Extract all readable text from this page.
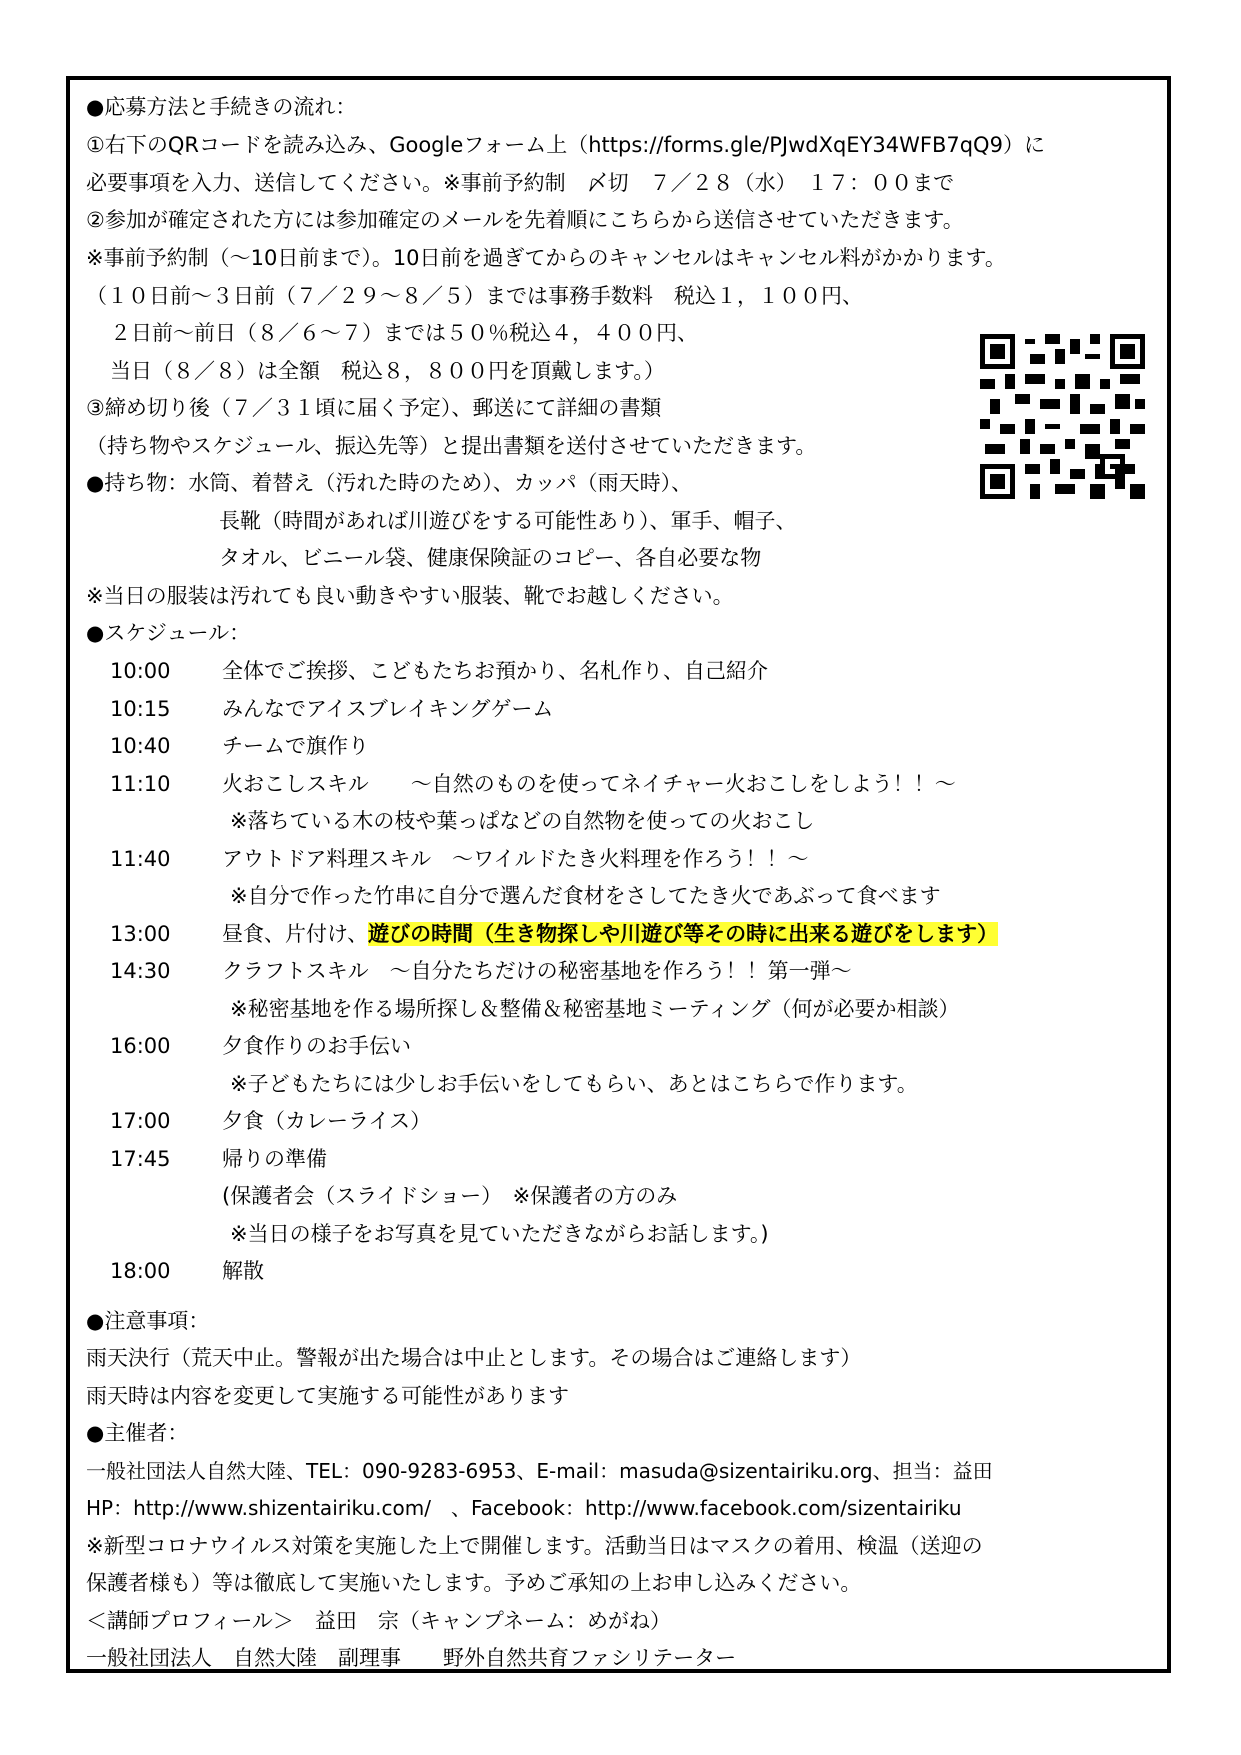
●応募方法と手続きの流れ：
①右下のQRコードを読み込み、Googleフォーム上（https://forms.gle/PJwdXqEY34WFB7qQ9）に
必要事項を入力、送信してください。※事前予約制　〆切　７／２８（水）　１７：００まで
②参加が確定された方には参加確定のメールを先着順にこちらから送信させていただきます。
※事前予約制（～10日前まで）。10日前を過ぎてからのキャンセルはキャンセル料がかかります。
（１０日前～３日前（７／２９～８／５）までは事務手数料　税込１，１００円、
２日前～前日（８／６～７）までは５０％税込４，４００円、
当日（８／８）は全額　税込８，８００円を頂戴します。）
③締め切り後（７／３１頃に届く予定）、郵送にて詳細の書類
（持ち物やスケジュール、振込先等）と提出書類を送付させていただきます。
●持ち物：水筒、着替え（汚れた時のため）、カッパ（雨天時）、
長靴（時間があれば川遊びをする可能性あり）、軍手、帽子、
タオル、ビニール袋、健康保険証のコピー、各自必要な物
※当日の服装は汚れても良い動きやすい服装、靴でお越しください。
●スケジュール：
10:00 全体でご挨拶、こどもたちお預かり、名札作り、自己紹介
10:15 みんなでアイスブレイキングゲーム
10:40 チームで旗作り
11:10 火おこしスキル　　～自然のものを使ってネイチャー火おこしをしよう！！～
※落ちている木の枝や葉っぱなどの自然物を使っての火おこし
11:40 アウトドア料理スキル　～ワイルドたき火料理を作ろう！！～
※自分で作った竹串に自分で選んだ食材をさしてたき火であぶって食べます
13:00 昼食、片付け、遊びの時間（生き物探しや川遊び等その時に出来る遊びをします）
14:30 クラフトスキル　～自分たちだけの秘密基地を作ろう！！第一弾～
※秘密基地を作る場所探し＆整備＆秘密基地ミーティング（何が必要か相談）
16:00 夕食作りのお手伝い
※子どもたちには少しお手伝いをしてもらい、あとはこちらで作ります。
17:00 夕食（カレーライス）
17:45 帰りの準備
(保護者会（スライドショー）　※保護者の方のみ
※当日の様子をお写真を見ていただきながらお話します。)
18:00 解散
●注意事項：
雨天決行（荒天中止。警報が出た場合は中止とします。その場合はご連絡します）
雨天時は内容を変更して実施する可能性があります
●主催者：
一般社団法人自然大陸、TEL：090-9283-6953、E-mail：masuda@sizentairiku.org、担当：益田
HP：http://www.shizentairiku.com/　、Facebook：http://www.facebook.com/sizentairiku
※新型コロナウイルス対策を実施した上で開催します。活動当日はマスクの着用、検温（送迎の
保護者様も）等は徹底して実施いたします。予めご承知の上お申し込みください。
＜講師プロフィール＞　益田　宗（キャンプネーム：めがね）
一般社団法人　自然大陸　副理事　　野外自然共育ファシリテーター
